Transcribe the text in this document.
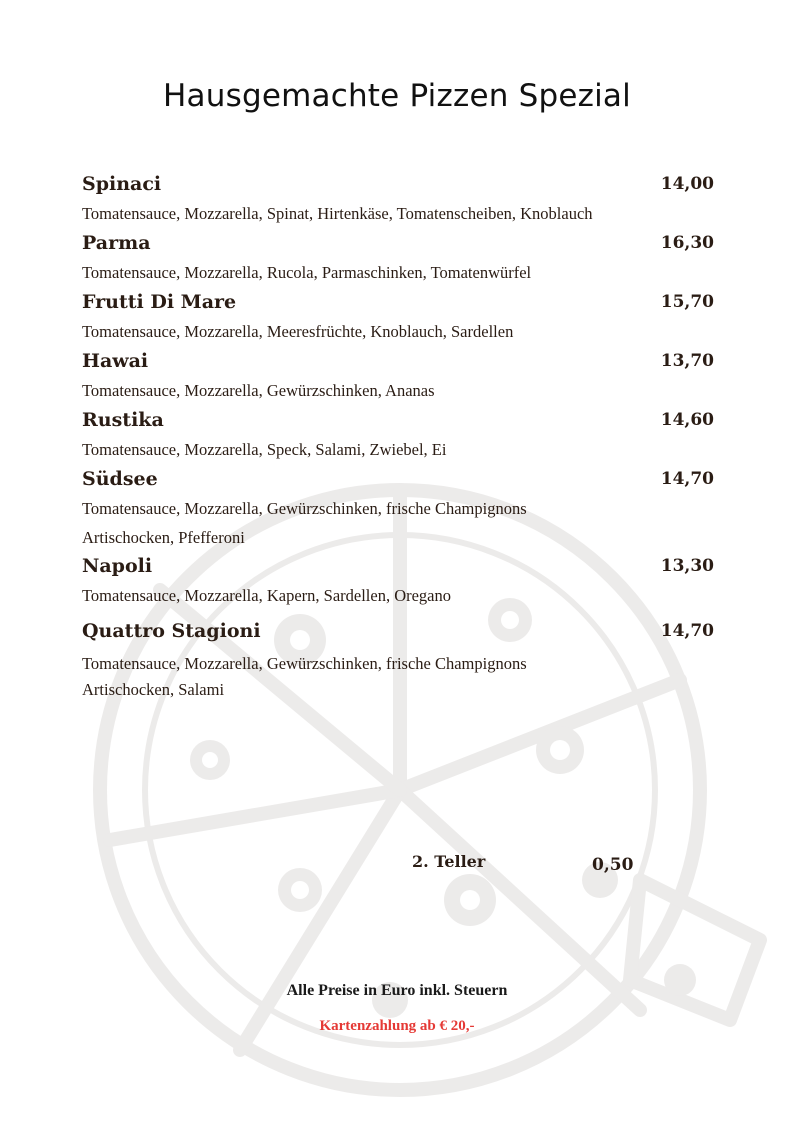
Hausgemachte Pizzen Spezial
Spinaci	14,00
Tomatensauce, Mozzarella, Spinat, Hirtenkäse, Tomatenscheiben, Knoblauch
Parma	16,30
Tomatensauce, Mozzarella, Rucola, Parmaschinken, Tomatenwürfel
Frutti Di Mare	15,70
Tomatensauce, Mozzarella, Meeresfrüchte, Knoblauch, Sardellen
Hawai	13,70
Tomatensauce, Mozzarella, Gewürzschinken, Ananas
Rustika	14,60
Tomatensauce, Mozzarella, Speck, Salami, Zwiebel, Ei
Südsee	14,70
Tomatensauce, Mozzarella, Gewürzschinken, frische Champignons
Artischocken, Pfefferoni
Napoli	13,30
Tomatensauce, Mozzarella, Kapern, Sardellen, Oregano
Quattro Stagioni	14,70
Tomatensauce, Mozzarella, Gewürzschinken, frische Champignons
Artischocken, Salami
2. Teller	0,50
Alle Preise in Euro inkl. Steuern
Kartenzahlung ab € 20,-
